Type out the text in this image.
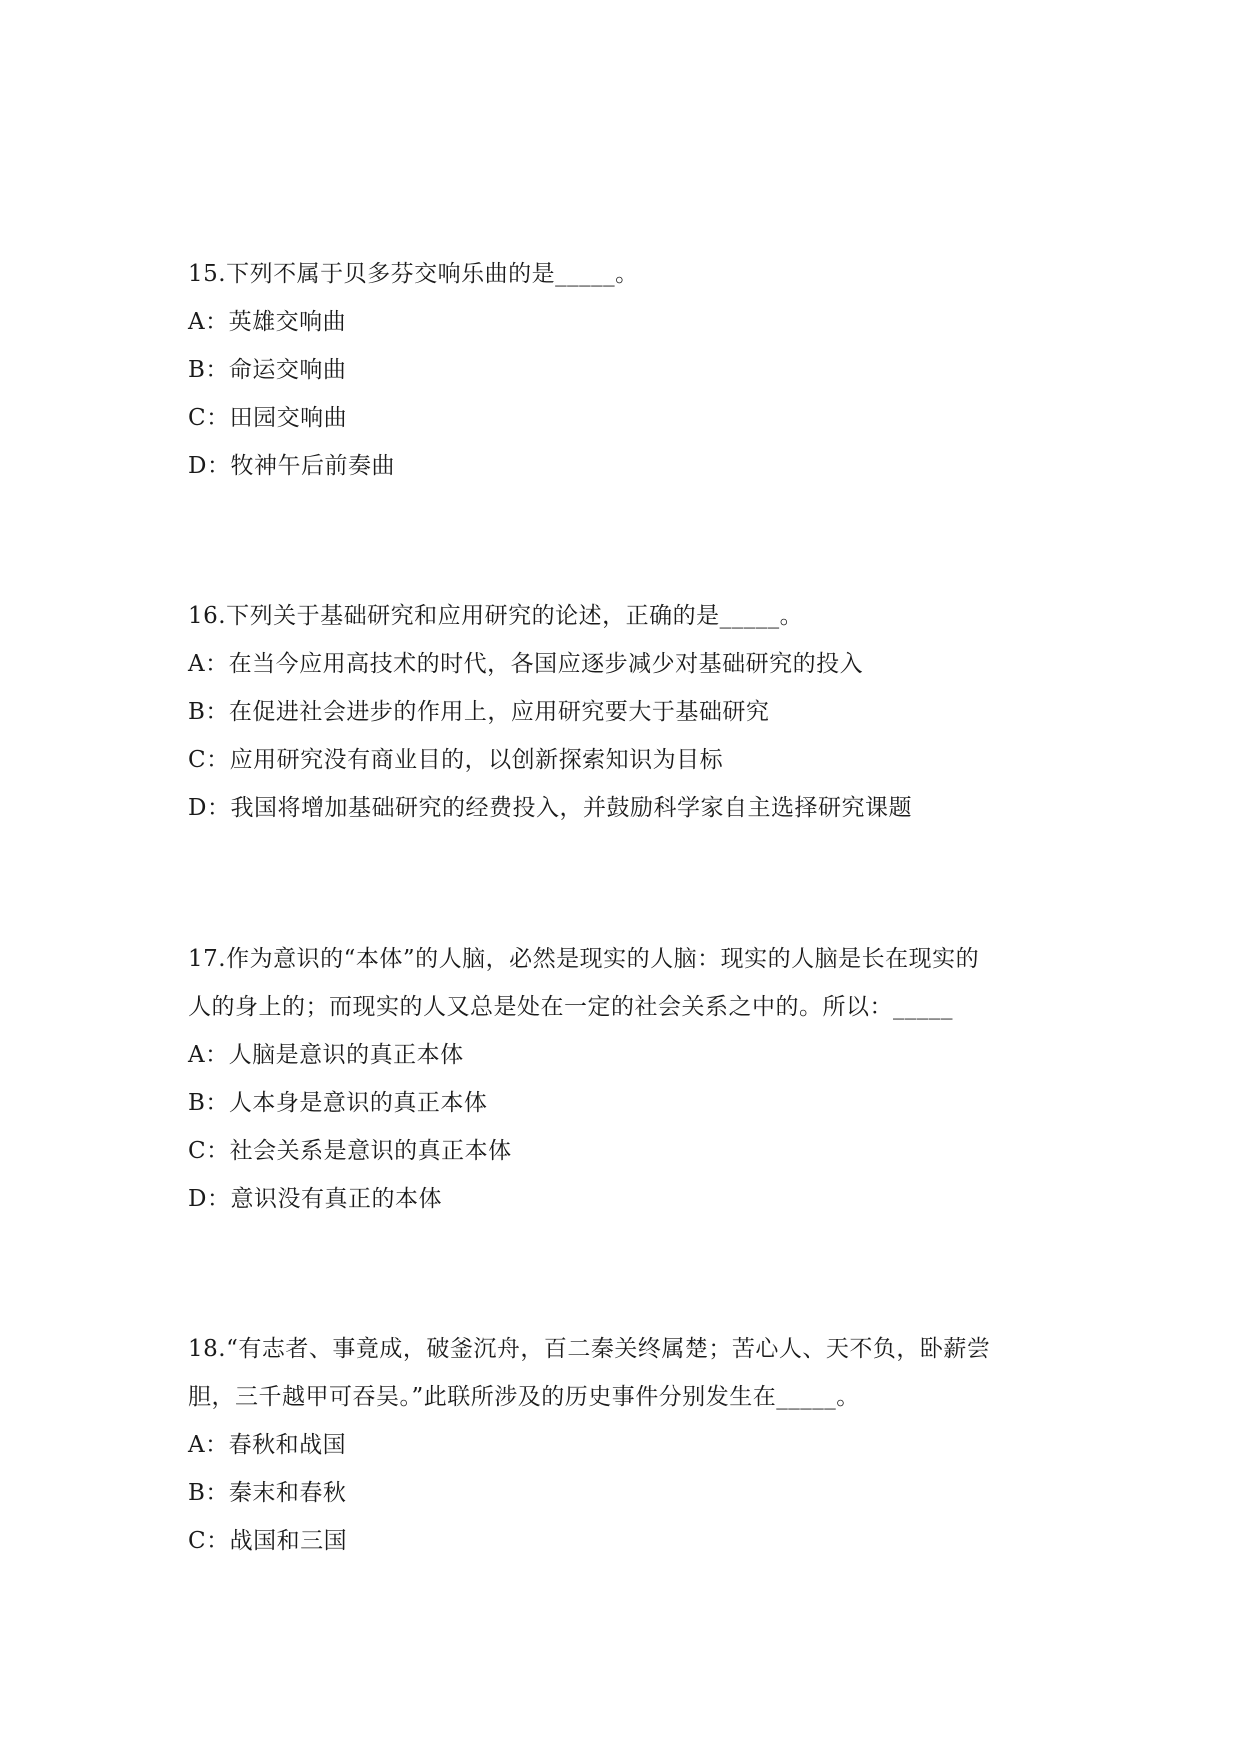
15.下列不属于贝多芬交响乐曲的是_____。

A：英雄交响曲

B：命运交响曲

C：田园交响曲

D：牧神午后前奏曲

16.下列关于基础研究和应用研究的论述，正确的是_____。

A：在当今应用高技术的时代，各国应逐步减少对基础研究的投入

B：在促进社会进步的作用上，应用研究要大于基础研究

C：应用研究没有商业目的，以创新探索知识为目标

D：我国将增加基础研究的经费投入，并鼓励科学家自主选择研究课题

17.作为意识的“本体”的人脑，必然是现实的人脑：现实的人脑是长在现实的

人的身上的；而现实的人又总是处在一定的社会关系之中的。所以：_____

A：人脑是意识的真正本体

B：人本身是意识的真正本体

C：社会关系是意识的真正本体

D：意识没有真正的本体

18.“有志者、事竟成，破釜沉舟，百二秦关终属楚；苦心人、天不负，卧薪尝

胆，三千越甲可吞吴。”此联所涉及的历史事件分别发生在_____。

A：春秋和战国

B：秦末和春秋

C：战国和三国
